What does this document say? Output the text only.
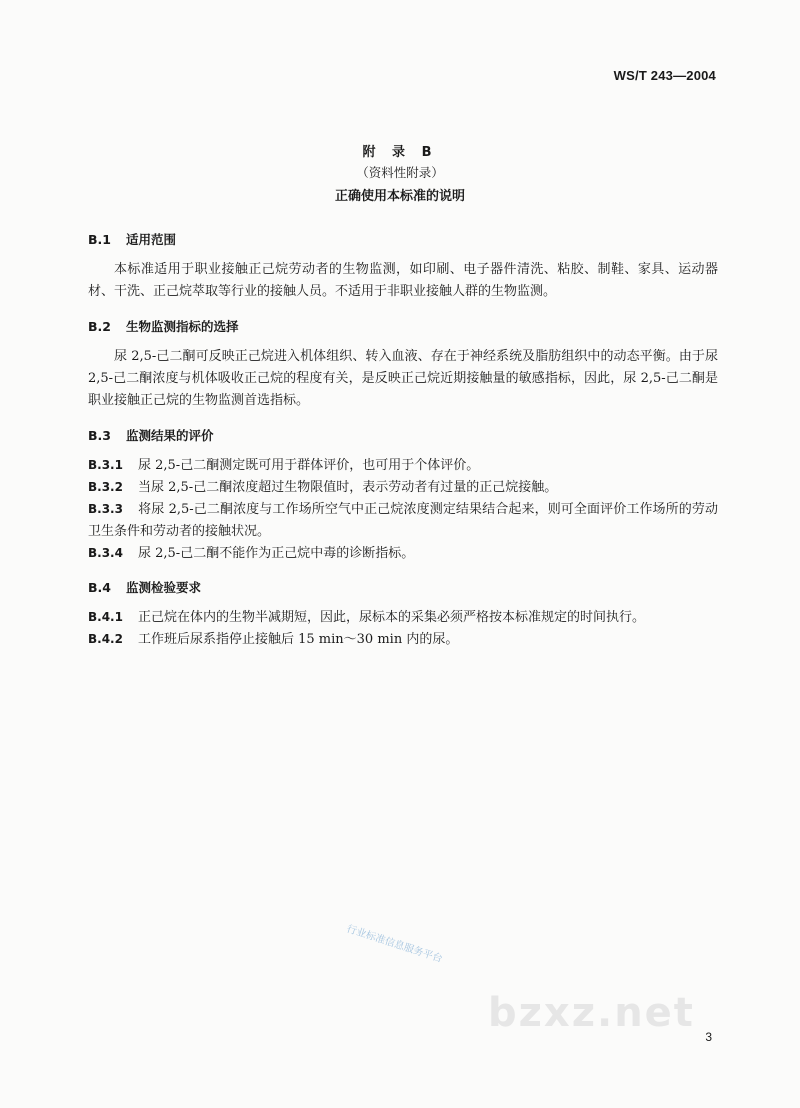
WS/T 243—2004
附 录 B
（资料性附录）
正确使用本标准的说明
B.1 适用范围
本标准适用于职业接触正己烷劳动者的生物监测，如印刷、电子器件清洗、粘胶、制鞋、家具、运动器材、干洗、正己烷萃取等行业的接触人员。不适用于非职业接触人群的生物监测。
B.2 生物监测指标的选择
尿 2,5-己二酮可反映正己烷进入机体组织、转入血液、存在于神经系统及脂肪组织中的动态平衡。由于尿 2,5-己二酮浓度与机体吸收正己烷的程度有关，是反映正己烷近期接触量的敏感指标，因此，尿 2,5-己二酮是职业接触正己烷的生物监测首选指标。
B.3 监测结果的评价
B.3.1 尿 2,5-己二酮测定既可用于群体评价，也可用于个体评价。
B.3.2 当尿 2,5-己二酮浓度超过生物限值时，表示劳动者有过量的正己烷接触。
B.3.3 将尿 2,5-己二酮浓度与工作场所空气中正己烷浓度测定结果结合起来，则可全面评价工作场所的劳动卫生条件和劳动者的接触状况。
B.3.4 尿 2,5-己二酮不能作为正己烷中毒的诊断指标。
B.4 监测检验要求
B.4.1 正己烷在体内的生物半减期短，因此，尿标本的采集必须严格按本标准规定的时间执行。
B.4.2 工作班后尿系指停止接触后 15 min～30 min 内的尿。
行业标准信息服务平台
bzxz.net
3
